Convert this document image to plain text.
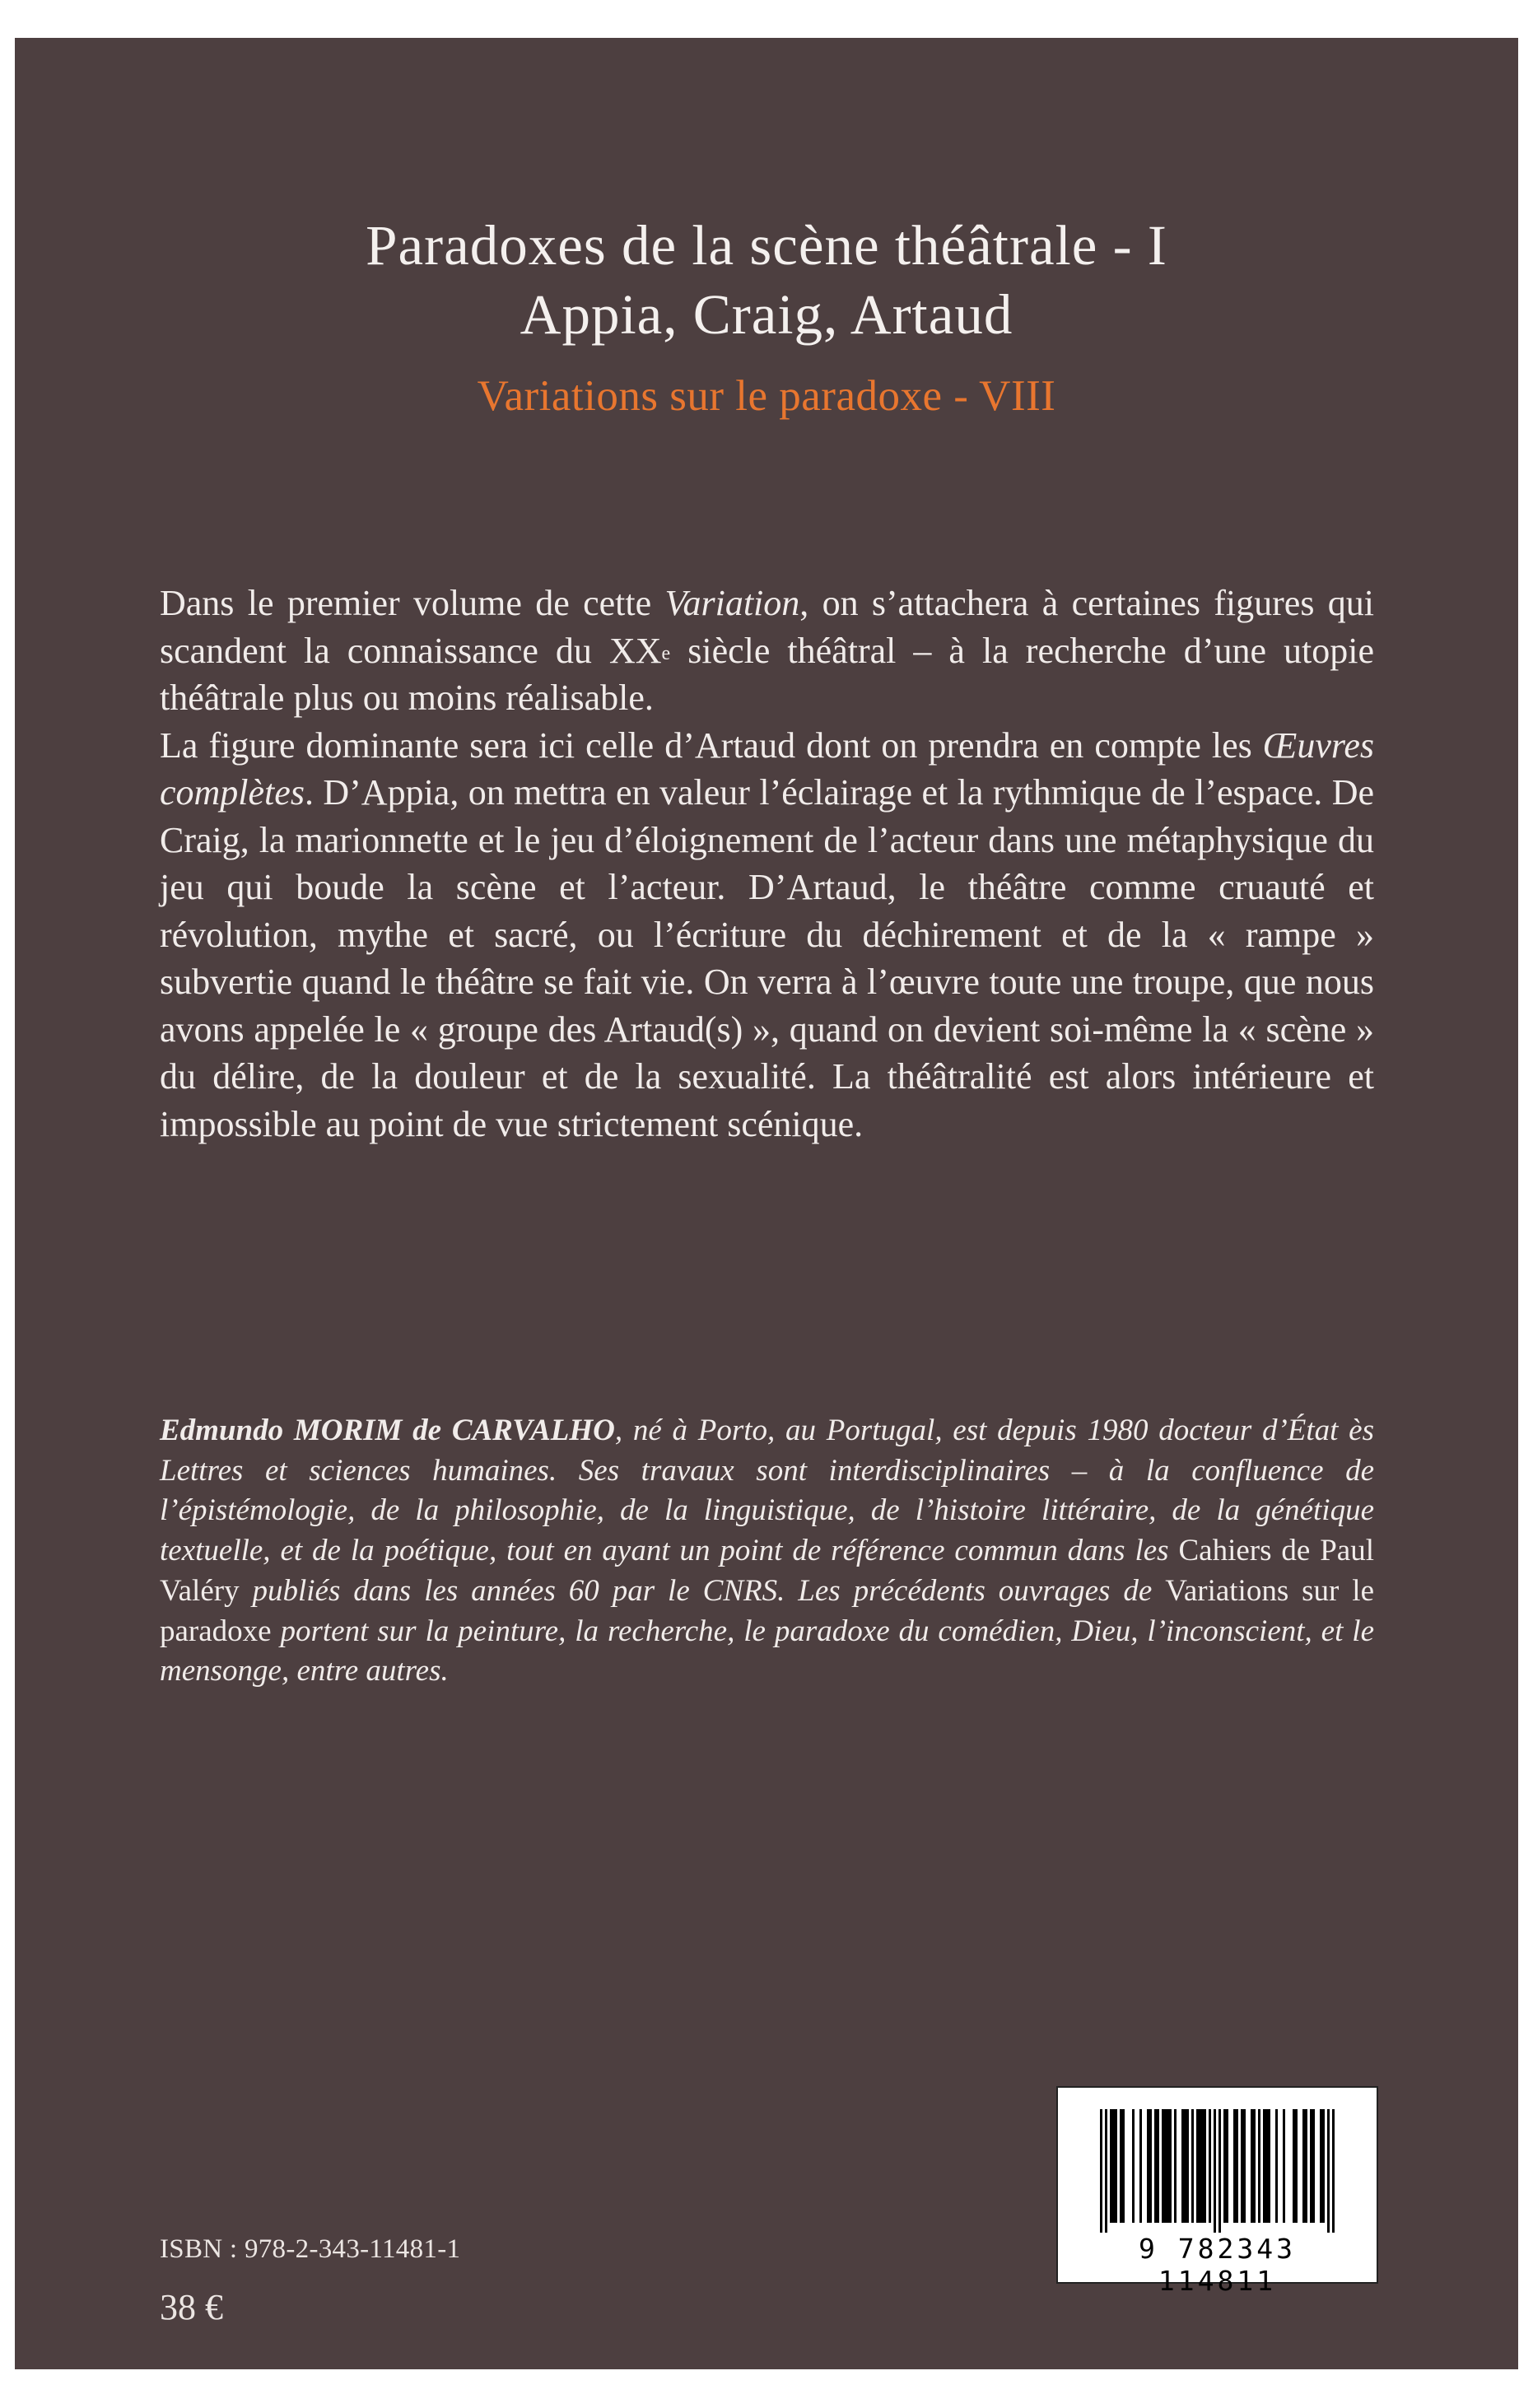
Paradoxes de la scène théâtrale - I
Appia, Craig, Artaud
Variations sur le paradoxe - VIII

Dans le premier volume de cette Variation, on s’attachera à certaines figures qui scandent la connaissance du XXe siècle théâtral – à la recherche d’une utopie théâtrale plus ou moins réalisable.

La figure dominante sera ici celle d’Artaud dont on prendra en compte les Œuvres complètes. D’Appia, on mettra en valeur l’éclairage et la rythmique de l’espace. De Craig, la marionnette et le jeu d’éloignement de l’acteur dans une métaphysique du jeu qui boude la scène et l’acteur. D’Artaud, le théâtre comme cruauté et révolution, mythe et sacré, ou l’écriture du déchirement et de la « rampe » subvertie quand le théâtre se fait vie. On verra à l’œuvre toute une troupe, que nous avons appelée le « groupe des Artaud(s) », quand on devient soi-même la « scène » du délire, de la douleur et de la sexualité. La théâtralité est alors intérieure et impossible au point de vue strictement scénique.

Edmundo MORIM de CARVALHO, né à Porto, au Portugal, est depuis 1980 docteur d’État ès Lettres et sciences humaines. Ses travaux sont interdisciplinaires – à la confluence de l’épistémologie, de la philosophie, de la linguistique, de l’histoire littéraire, de la génétique textuelle, et de la poétique, tout en ayant un point de référence commun dans les Cahiers de Paul Valéry publiés dans les années 60 par le CNRS. Les précédents ouvrages de Variations sur le paradoxe portent sur la peinture, la recherche, le paradoxe du comédien, Dieu, l’inconscient, et le mensonge, entre autres.
ISBN : 978-2-343-11481-1
38 €
9 782343 114811
